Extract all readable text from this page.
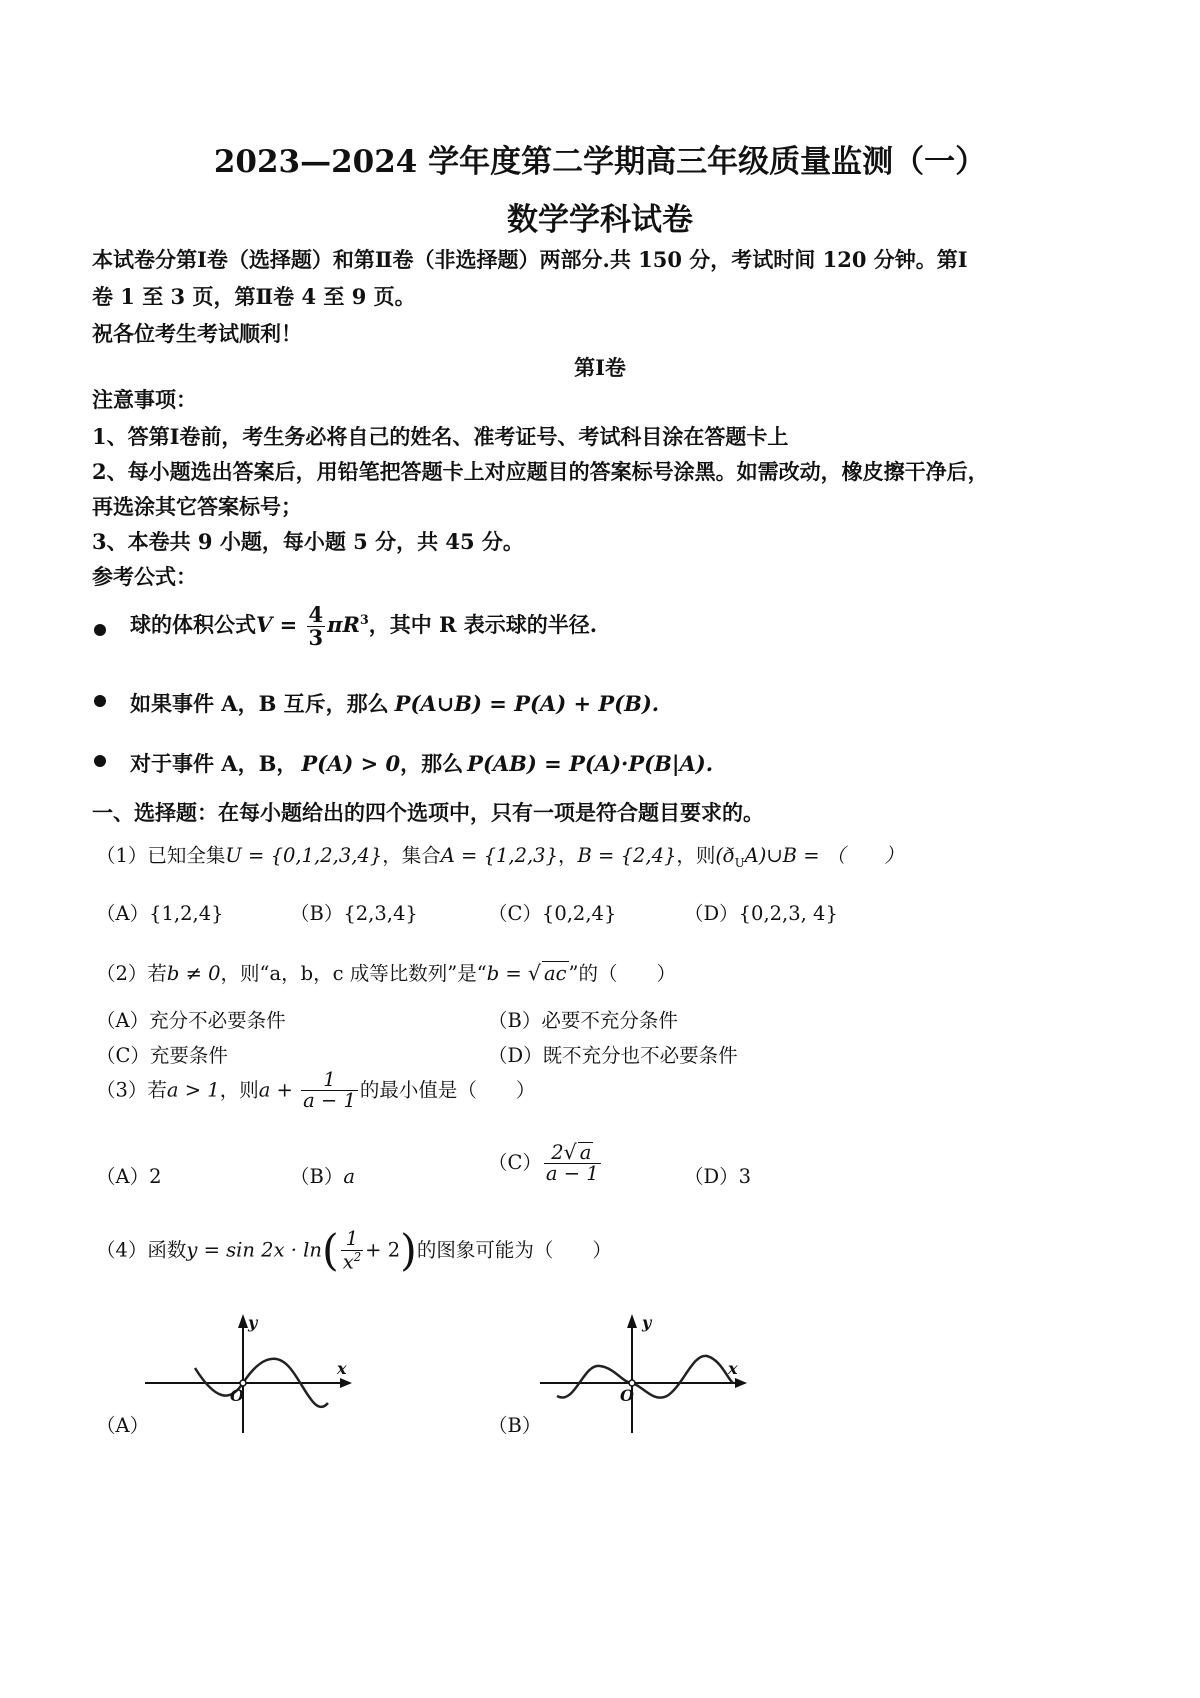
2023—2024 学年度第二学期高三年级质量监测（一）
数学学科试卷
本试卷分第Ⅰ卷（选择题）和第Ⅱ卷（非选择题）两部分.共 150 分，考试时间 120 分钟。第Ⅰ
卷 1 至 3 页，第Ⅱ卷 4 至 9 页。
祝各位考生考试顺利！
第Ⅰ卷
注意事项：
1、答第Ⅰ卷前，考生务必将自己的姓名、准考证号、考试科目涂在答题卡上
2、每小题选出答案后，用铅笔把答题卡上对应题目的答案标号涂黑。如需改动，橡皮擦干净后，
再选涂其它答案标号；
3、本卷共 9 小题，每小题 5 分，共 45 分。
参考公式：
球的体积公式$V = \frac{4}{3} \pi R^3$，其中 R 表示球的半径.
如果事件 A，B 互斥，那么 P(A∪B) = P(A) + P(B).
对于事件 A，B， P(A) > 0，那么 P(AB) = P(A)·P(B|A).
一、选择题：在每小题给出的四个选项中，只有一项是符合题目要求的。
（1）已知全集U = {0,1,2,3,4}，集合A = {1,2,3}，B = {2,4}，则$(ð_UA)\cup B$ = （　　）
（A）{1,2,4}	（B）{2,3,4}	（C）{0,2,4}	（D）{0,2,3, 4}
（2）若b ≠ 0，则“a，b，c 成等比数列”是“b = √ ac ”的（　　）
（A）充分不必要条件	（B）必要不充分条件
（C）充要条件	（D）既不充分也不必要条件
（3）若a > 1，则$a + \frac{1}{a - 1}$ 的最小值是（　　）
（A）2	（B）a
$(C) \frac{2√ a}{a - 1}$	（D）3
（4）函数$y = \sin 2x \cdot \ln( \frac{1}{x^2} + 2)$的图象可能为（　　）
y
x
O
（A）
y
x
O
（B）
